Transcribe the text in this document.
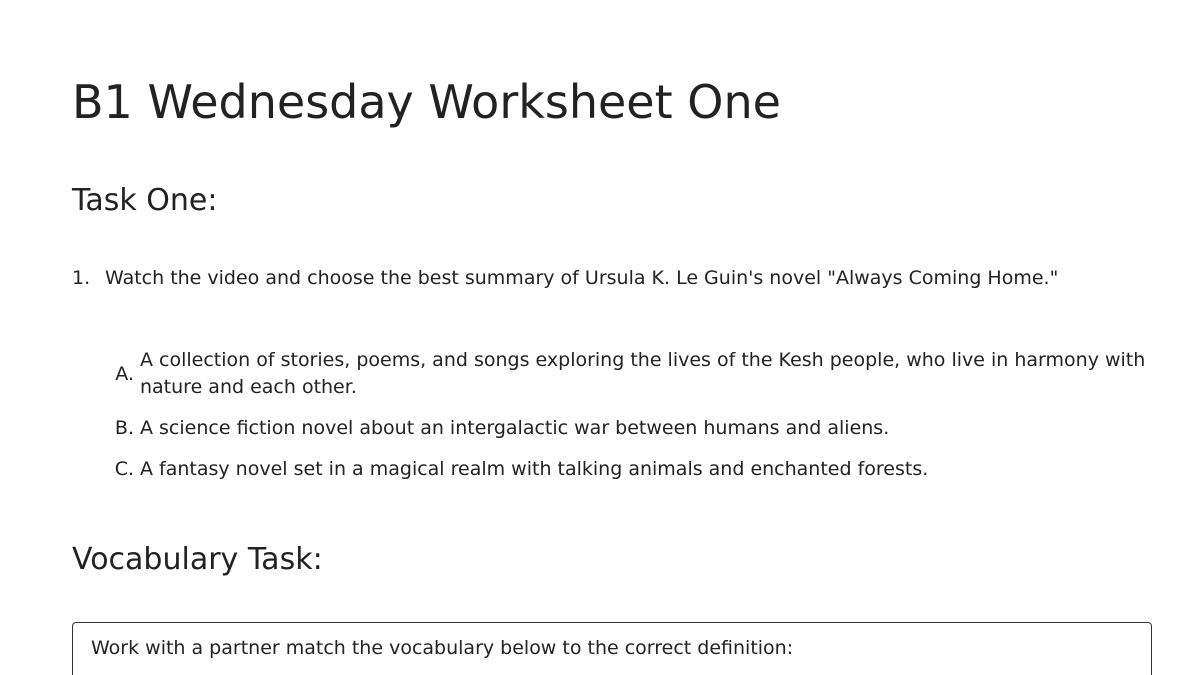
B1 Wednesday Worksheet One
Task One:
1. Watch the video and choose the best summary of Ursula K. Le Guin's novel "Always Coming Home."
A.
A collection of stories, poems, and songs exploring the lives of the Kesh people, who live in harmony with nature and each other.
B. A science fiction novel about an intergalactic war between humans and aliens.
C. A fantasy novel set in a magical realm with talking animals and enchanted forests.
Vocabulary Task:
Work with a partner match the vocabulary below to the correct definition:
